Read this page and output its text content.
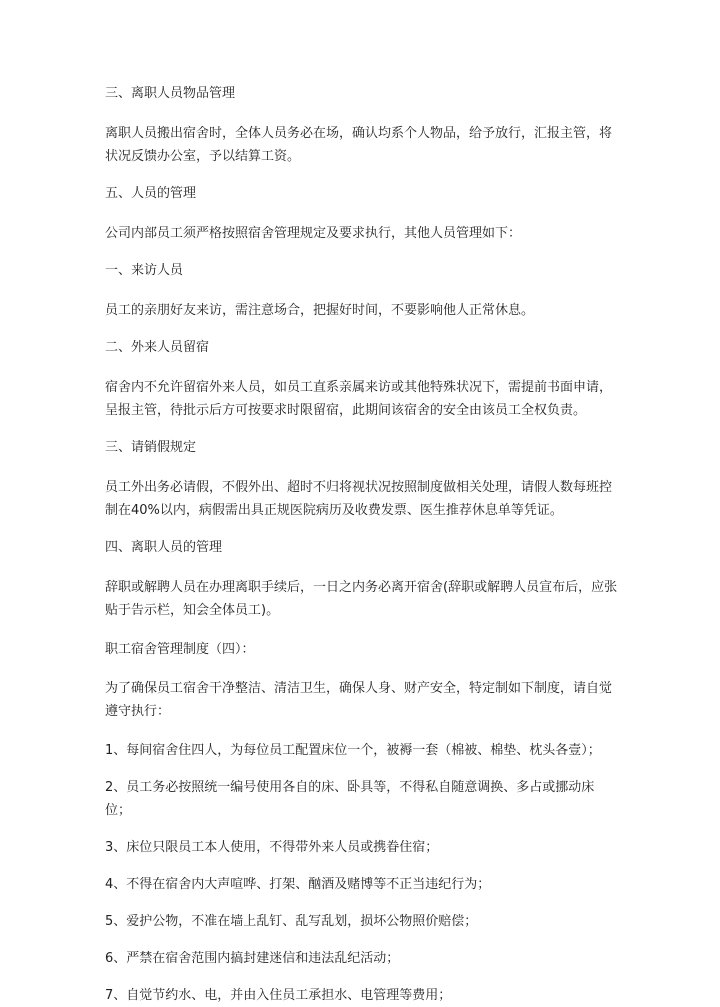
三、离职人员物品管理
离职人员搬出宿舍时，全体人员务必在场，确认均系个人物品，给予放行，汇报主管，将状况反馈办公室，予以结算工资。
五、人员的管理
公司内部员工须严格按照宿舍管理规定及要求执行，其他人员管理如下：
一、来访人员
员工的亲朋好友来访，需注意场合，把握好时间，不要影响他人正常休息。
二、外来人员留宿
宿舍内不允许留宿外来人员，如员工直系亲属来访或其他特殊状况下，需提前书面申请，呈报主管，待批示后方可按要求时限留宿，此期间该宿舍的安全由该员工全权负责。
三、请销假规定
员工外出务必请假，不假外出、超时不归将视状况按照制度做相关处理，请假人数每班控制在40%以内，病假需出具正规医院病历及收费发票、医生推荐休息单等凭证。
四、离职人员的管理
辞职或解聘人员在办理离职手续后，一日之内务必离开宿舍(辞职或解聘人员宣布后，应张贴于告示栏，知会全体员工)。
职工宿舍管理制度（四）：
为了确保员工宿舍干净整洁、清洁卫生，确保人身、财产安全，特定制如下制度，请自觉遵守执行：
1、每间宿舍住四人，为每位员工配置床位一个，被褥一套（棉被、棉垫、枕头各壹）；
2、员工务必按照统一编号使用各自的床、卧具等，不得私自随意调换、多占或挪动床位；
3、床位只限员工本人使用，不得带外来人员或携眷住宿；
4、不得在宿舍内大声喧哗、打架、酗酒及赌博等不正当违纪行为；
5、爱护公物，不准在墙上乱钉、乱写乱划，损坏公物照价赔偿；
6、严禁在宿舍范围内搞封建迷信和违法乱纪活动；
7、自觉节约水、电，并由入住员工承担水、电管理等费用；
